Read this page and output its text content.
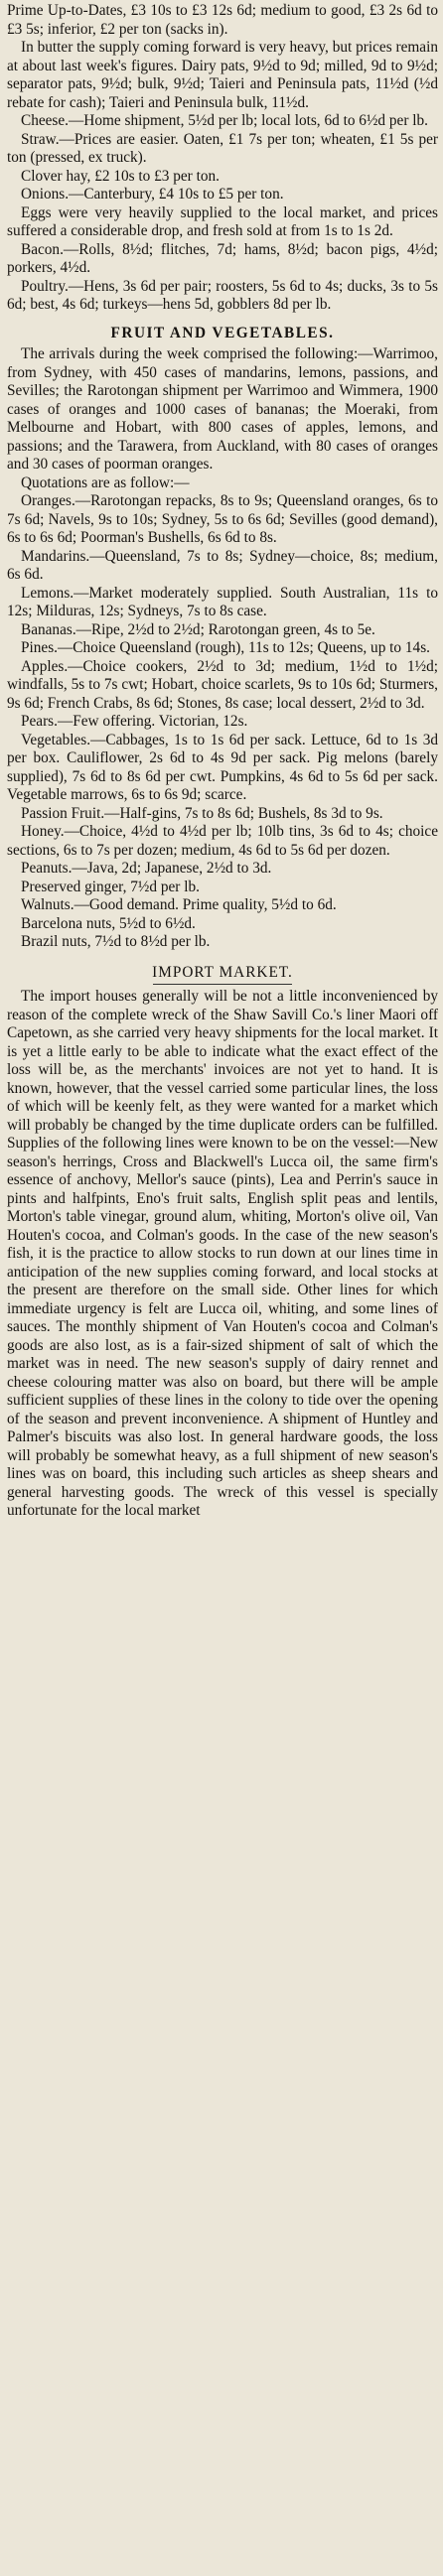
Prime Up-to-Dates, £3 10s to £3 12s 6d; medium to good, £3 2s 6d to £3 5s; inferior, £2 per ton (sacks in).

In butter the supply coming forward is very heavy, but prices remain at about last week's figures. Dairy pats, 9½d to 9d; milled, 9d to 9½d; separator pats, 9½d; bulk, 9½d; Taieri and Peninsula pats, 11½d (½d rebate for cash); Taieri and Peninsula bulk, 11½d.

Cheese.—Home shipment, 5½d per lb; local lots, 6d to 6½d per lb.

Straw.—Prices are easier. Oaten, £1 7s per ton; wheaten, £1 5s per ton (pressed, ex truck).

Clover hay, £2 10s to £3 per ton.

Onions.—Canterbury, £4 10s to £5 per ton.

Eggs were very heavily supplied to the local market, and prices suffered a considerable drop, and fresh sold at from 1s to 1s 2d.

Bacon.—Rolls, 8½d; flitches, 7d; hams, 8½d; bacon pigs, 4½d; porkers, 4½d.

Poultry.—Hens, 3s 6d per pair; roosters, 5s 6d to 4s; ducks, 3s to 5s 6d; best, 4s 6d; turkeys—hens 5d, gobblers 8d per lb.

FRUIT AND VEGETABLES.

The arrivals during the week comprised the following:—Warrimoo, from Sydney, with 450 cases of mandarins, lemons, passions, and Sevilles; the Rarotongan shipment per Warrimoo and Wimmera, 1900 cases of oranges and 1000 cases of bananas; the Moeraki, from Melbourne and Hobart, with 800 cases of apples, lemons, and passions; and the Tarawera, from Auckland, with 80 cases of oranges and 30 cases of poorman oranges.

Quotations are as follow:—

Oranges.—Rarotongan repacks, 8s to 9s; Queensland oranges, 6s to 7s 6d; Navels, 9s to 10s; Sydney, 5s to 6s 6d; Sevilles (good demand), 6s to 6s 6d; Poorman's Bushells, 6s 6d to 8s.

Mandarins.—Queensland, 7s to 8s; Sydney—choice, 8s; medium, 6s 6d.

Lemons.—Market moderately supplied. South Australian, 11s to 12s; Milduras, 12s; Sydneys, 7s to 8s case.

Bananas.—Ripe, 2½d to 2½d; Rarotongan green, 4s to 5e.

Pines.—Choice Queensland (rough), 11s to 12s; Queens, up to 14s.

Apples.—Choice cookers, 2½d to 3d; medium, 1½d to 1½d; windfalls, 5s to 7s cwt; Hobart, choice scarlets, 9s to 10s 6d; Sturmers, 9s 6d; French Crabs, 8s 6d; Stones, 8s case; local dessert, 2½d to 3d.

Pears.—Few offering. Victorian, 12s.

Vegetables.—Cabbages, 1s to 1s 6d per sack. Lettuce, 6d to 1s 3d per box. Cauliflower, 2s 6d to 4s 9d per sack. Pig melons (barely supplied), 7s 6d to 8s 6d per cwt. Pumpkins, 4s 6d to 5s 6d per sack. Vegetable marrows, 6s to 6s 9d; scarce.

Passion Fruit.—Half-gins, 7s to 8s 6d; Bushels, 8s 3d to 9s.

Honey.—Choice, 4½d to 4½d per lb; 10lb tins, 3s 6d to 4s; choice sections, 6s to 7s per dozen; medium, 4s 6d to 5s 6d per dozen.

Peanuts.—Java, 2d; Japanese, 2½d to 3d.

Preserved ginger, 7½d per lb.

Walnuts.—Good demand. Prime quality, 5½d to 6d.

Barcelona nuts, 5½d to 6½d.

Brazil nuts, 7½d to 8½d per lb.

IMPORT MARKET.

The import houses generally will be not a little inconvenienced by reason of the complete wreck of the Shaw Savill Co.'s liner Maori off Capetown, as she carried very heavy shipments for the local market. It is yet a little early to be able to indicate what the exact effect of the loss will be, as the merchants' invoices are not yet to hand. It is known, however, that the vessel carried some particular lines, the loss of which will be keenly felt, as they were wanted for a market which will probably be changed by the time duplicate orders can be fulfilled. Supplies of the following lines were known to be on the vessel:—New season's herrings, Cross and Blackwell's Lucca oil, the same firm's essence of anchovy, Mellor's sauce (pints), Lea and Perrin's sauce in pints and halfpints, Eno's fruit salts, English split peas and lentils, Morton's table vinegar, ground alum, whiting, Morton's olive oil, Van Houten's cocoa, and Colman's goods. In the case of the new season's fish, it is the practice to allow stocks to run down at our lines time in anticipation of the new supplies coming forward, and local stocks at the present are therefore on the small side. Other lines for which immediate urgency is felt are Lucca oil, whiting, and some lines of sauces. The monthly shipment of Van Houten's cocoa and Colman's goods are also lost, as is a fair-sized shipment of salt of which the market was in need. The new season's supply of dairy rennet and cheese colouring matter was also on board, but there will be ample sufficient supplies of these lines in the colony to tide over the opening of the season and prevent inconvenience. A shipment of Huntley and Palmer's biscuits was also lost. In general hardware goods, the loss will probably be somewhat heavy, as a full shipment of new season's lines was on board, this including such articles as sheep shears and general harvesting goods. The wreck of this vessel is specially unfortunate for the local market
